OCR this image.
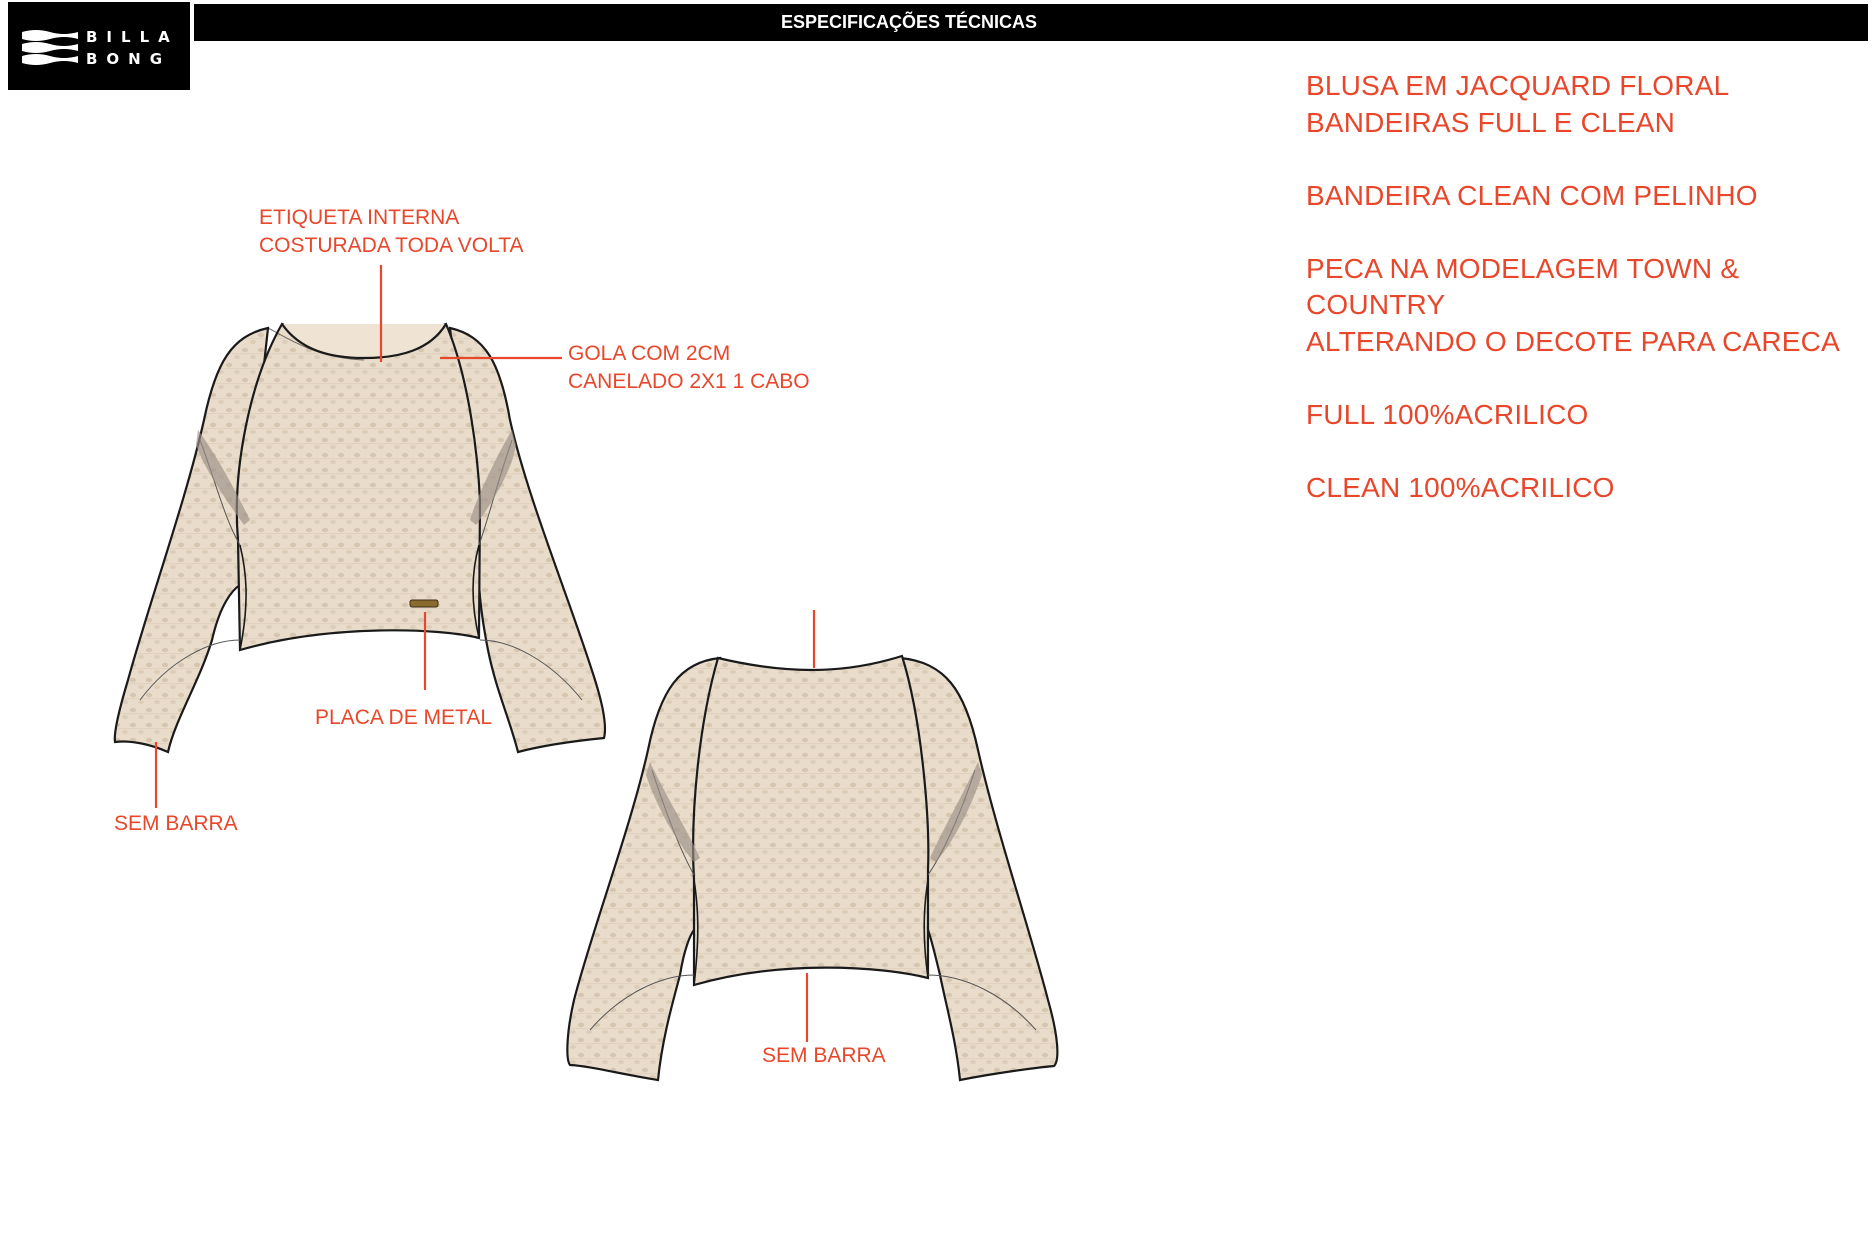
BILLA
BONG
ESPECIFICAÇÕES TÉCNICAS
ETIQUETA INTERNA
COSTURADA TODA VOLTA
GOLA COM 2CM
CANELADO 2X1 1 CABO
PLACA DE METAL
SEM BARRA
SEM BARRA
BLUSA EM JACQUARD FLORAL
BANDEIRAS FULL E CLEAN
BANDEIRA CLEAN COM PELINHO
PECA NA MODELAGEM TOWN & COUNTRY
ALTERANDO O DECOTE PARA CARECA
FULL 100%ACRILICO
CLEAN 100%ACRILICO
